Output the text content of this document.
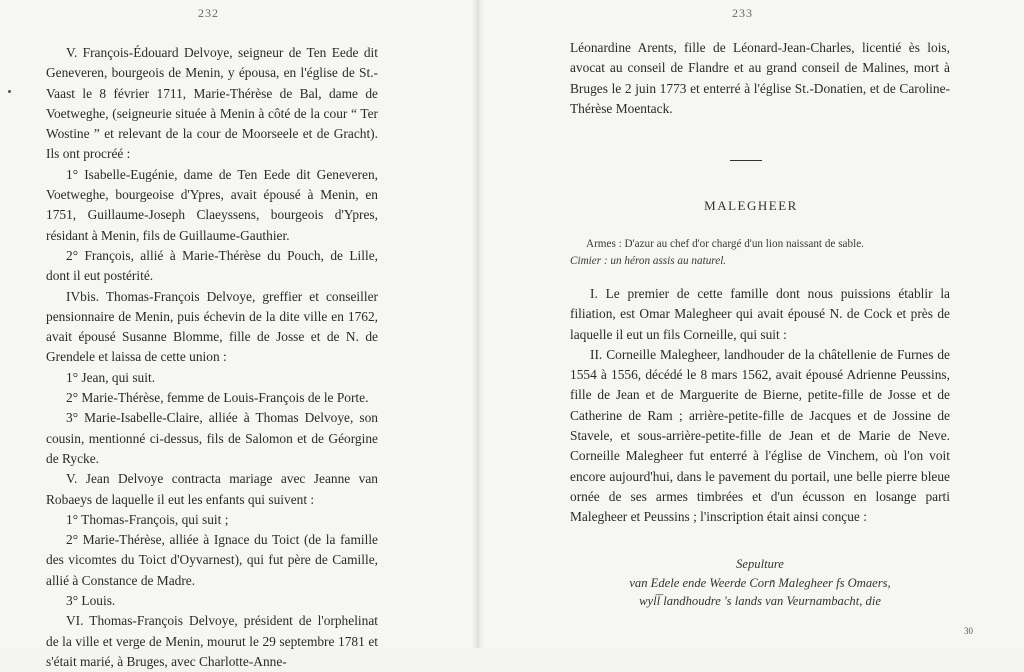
232

V. François-Édouard Delvoye, seigneur de Ten Eede dit Geneveren, bourgeois de Menin, y épousa, en l'église de St.-Vaast le 8 février 1711, Marie-Thérèse de Bal, dame de Voetweghe, (seigneurie située à Menin à côté de la cour “ Ter Wostine ” et relevant de la cour de Moorseele et de Gracht). Ils ont procréé :

1° Isabelle-Eugénie, dame de Ten Eede dit Geneveren, Voetweghe, bourgeoise d'Ypres, avait épousé à Menin, en 1751, Guillaume-Joseph Claeyssens, bourgeois d'Ypres, résidant à Menin, fils de Guillaume-Gauthier.

2° François, allié à Marie-Thérèse du Pouch, de Lille, dont il eut postérité.

IVbis. Thomas-François Delvoye, greffier et conseiller pensionnaire de Menin, puis échevin de la dite ville en 1762, avait épousé Susanne Blomme, fille de Josse et de N. de Grendele et laissa de cette union :

1° Jean, qui suit.

2° Marie-Thérèse, femme de Louis-François de le Porte.

3° Marie-Isabelle-Claire, alliée à Thomas Delvoye, son cousin, mentionné ci-dessus, fils de Salomon et de Géorgine de Rycke.

V. Jean Delvoye contracta mariage avec Jeanne van Robaeys de laquelle il eut les enfants qui suivent :

1° Thomas-François, qui suit ;

2° Marie-Thérèse, alliée à Ignace du Toict (de la famille des vicomtes du Toict d'Oyvarnest), qui fut père de Camille, allié à Constance de Madre.

3° Louis.

VI. Thomas-François Delvoye, président de l'orphelinat de la ville et verge de Menin, mourut le 29 septembre 1781 et s'était marié, à Bruges, avec Charlotte-Anne-

233

Léonardine Arents, fille de Léonard-Jean-Charles, licentié ès lois, avocat au conseil de Flandre et au grand conseil de Malines, mort à Bruges le 2 juin 1773 et enterré à l'église St.-Donatien, et de Caroline-Thérèse Moentack.

MALEGHEER
Armes : D'azur au chef d'or chargé d'un lion naissant de sable.
Cimier : un héron assis au naturel.

I. Le premier de cette famille dont nous puissions établir la filiation, est Omar Malegheer qui avait épousé N. de Cock et près de laquelle il eut un fils Corneille, qui suit :

II. Corneille Malegheer, landhouder de la châtellenie de Furnes de 1554 à 1556, décédé le 8 mars 1562, avait épousé Adrienne Peussins, fille de Jean et de Marguerite de Bierne, petite-fille de Josse et de Catherine de Ram ; arrière-petite-fille de Jacques et de Jossine de Stavele, et sous-arrière-petite-fille de Jean et de Marie de Neve. Corneille Malegheer fut enterré à l'église de Vinchem, où l'on voit encore aujourd'hui, dans le pavement du portail, une belle pierre bleue ornée de ses armes timbrées et d'un écusson en losange parti Malegheer et Peussins ; l'inscription était ainsi conçue :

Sepulture
van Edele ende Weerde Corn̄ Malegheer fs Omaers,
wyl͞l landhoudre 's lands van Veurnambacht, die
30
